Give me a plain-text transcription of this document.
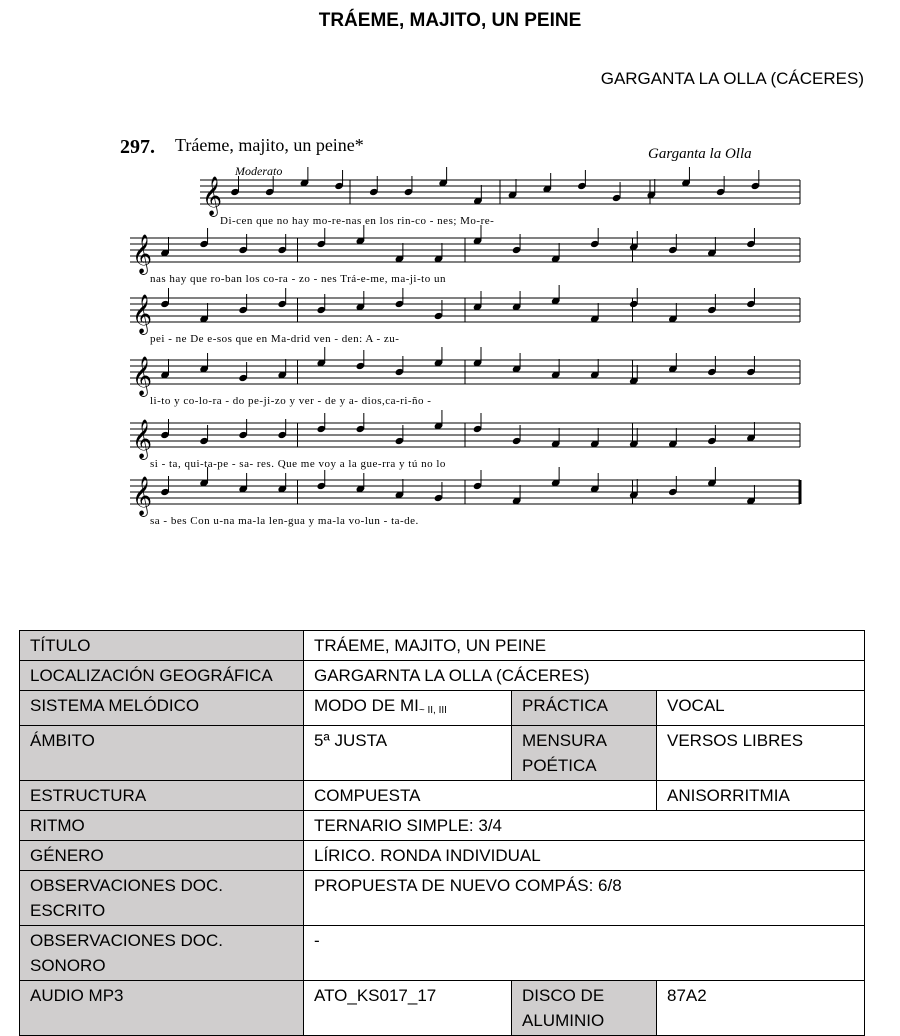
TRÁEME, MAJITO, UN PEINE
GARGANTA LA OLLA (CÁCERES)
297. Tráeme, majito, un peine*
Moderato
Garganta la Olla
𝄞
Di-cen que no hay mo-re-nas en los rin-co - nes; Mo-re-
𝄞
nas hay que ro-ban los co-ra - zo - nes Trá-e-me, ma-ji-to un
𝄞
pei - ne De e-sos que en Ma-drid ven - den: A - zu-
𝄞
li-to y co-lo-ra - do pe-ji-zo y ver - de y a- dios,ca-ri-ño -
𝄞
si - ta, qui-ta-pe - sa- res. Que me voy a la gue-rra y tú no lo
𝄞
sa - bes Con u-na ma-la len-gua y ma-la vo-lun - ta-de.
TÍTULO	TRÁEME, MAJITO, UN PEINE		
LOCALIZACIÓN GEOGRÁFICA	GARGARNTA LA OLLA (CÁCERES)		
SISTEMA MELÓDICO	MODO DE $MI_{\sim II, III}$	PRÁCTICA	VOCAL
ÁMBITO	5ª JUSTA	MENSURA POÉTICA	VERSOS LIBRES
ESTRUCTURA	COMPUESTA		ANISORRITMIA
RITMO	TERNARIO SIMPLE: 3/4		
GÉNERO	LÍRICO. RONDA INDIVIDUAL		
OBSERVACIONES DOC. ESCRITO	PROPUESTA DE NUEVO COMPÁS: 6/8		
OBSERVACIONES DOC. SONORO	-		
AUDIO MP3	ATO_KS017_17	DISCO DE ALUMINIO	87A2
